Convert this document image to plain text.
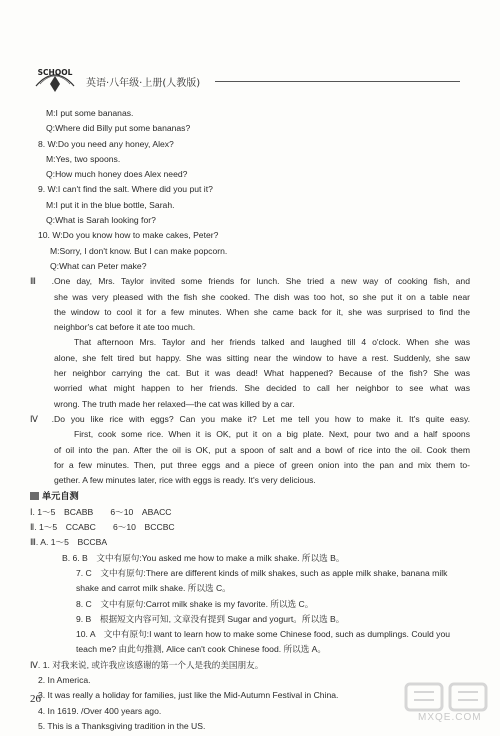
SCHOOL
英语·八年级·上册(人教版)
M:I put some bananas.
Q:Where did Billy put some bananas?
8. W:Do you need any honey, Alex?
M:Yes, two spoons.
Q:How much honey does Alex need?
9. W:I can't find the salt. Where did you put it?
M:I put it in the blue bottle, Sarah.
Q:What is Sarah looking for?
10. W:Do you know how to make cakes, Peter?
M:Sorry, I don't know. But I can make popcorn.
Q:What can Peter make?
Ⅲ.One day, Mrs. Taylor invited some friends for lunch. She tried a new way of cooking fish, and
she was very pleased with the fish she cooked. The dish was too hot, so she put it on a table near
the window to cool it for a few minutes. When she came back for it, she was surprised to find the
neighbor's cat before it ate too much.
That afternoon Mrs. Taylor and her friends talked and laughed till 4 o'clock. When she was
alone, she felt tired but happy. She was sitting near the window to have a rest. Suddenly, she saw
her neighbor carrying the cat. But it was dead! What happened? Because of the fish? She was
worried what might happen to her friends. She decided to call her neighbor to see what was
wrong. The truth made her relaxed—the cat was killed by a car.
Ⅳ.Do you like rice with eggs? Can you make it? Let me tell you how to make it. It's quite easy.
First, cook some rice. When it is OK, put it on a big plate. Next, pour two and a half spoons
of oil into the pan. After the oil is OK, put a spoon of salt and a bowl of rice into the oil. Cook them
for a few minutes. Then, put three eggs and a piece of green onion into the pan and mix them to-
gether. A few minutes later, rice with eggs is ready. It's very delicious.
单元自测
Ⅰ. 1～5　BCABB　　6～10　ABACC
Ⅱ. 1～5　CCABC　　6～10　BCCBC
Ⅲ. A. 1～5　BCCBA
B. 6. B　文中有原句:You asked me how to make a milk shake. 所以选 B。
7. C　文中有原句:There are different kinds of milk shakes, such as apple milk shake, banana milk
shake and carrot milk shake. 所以选 C。
8. C　文中有原句:Carrot milk shake is my favorite. 所以选 C。
9. B　根据短文内容可知, 文章没有提到 Sugar and yogurt。所以选 B。
10. A　文中有原句:I want to learn how to make some Chinese food, such as dumplings. Could you
teach me? 由此句推测, Alice can't cook Chinese food. 所以选 A。
Ⅳ. 1. 对我来说, 或许我应该感谢的第一个人是我的美国朋友。
2. In America.
3. It was really a holiday for families, just like the Mid-Autumn Festival in China.
4. In 1619. /Over 400 years ago.
5. This is a Thanksgiving tradition in the US.
26
MXQE.COM
